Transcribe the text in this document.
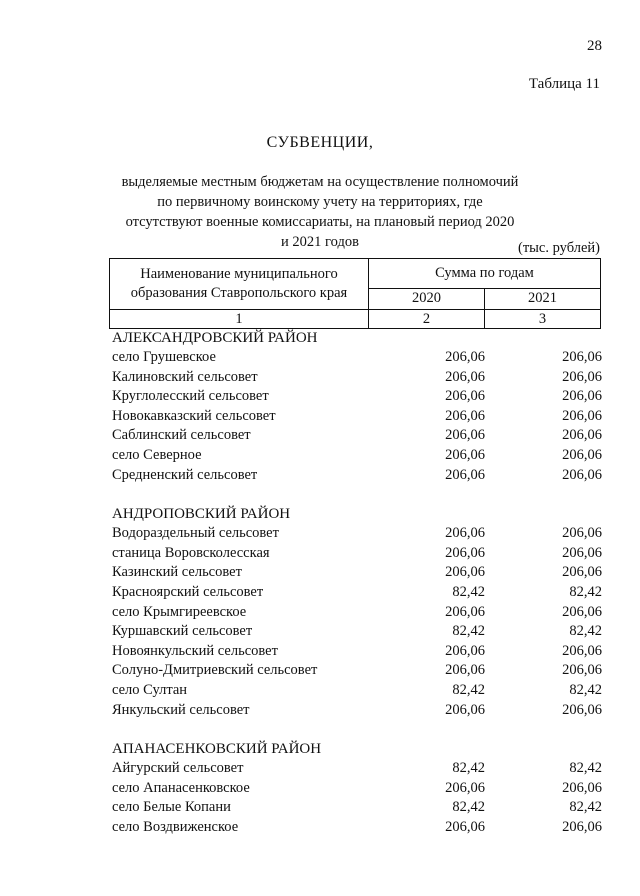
28
Таблица 11
СУБВЕНЦИИ,
выделяемые местным бюджетам на осуществление полномочий по первичному воинскому учету на территориях, где отсутствуют военные комиссариаты, на плановый период 2020 и 2021 годов	(тыс. рублей)
Наименование муниципального образования Ставропольского края	Сумма по годам	
	2020	2021
1	2	3
АЛЕКСАНДРОВСКИЙ РАЙОН
село Грушевское	206,06	206,06
Калиновский сельсовет	206,06	206,06
Круглолесский сельсовет	206,06	206,06
Новокавказский сельсовет	206,06	206,06
Саблинский сельсовет	206,06	206,06
село Северное	206,06	206,06
Средненский сельсовет	206,06	206,06
АНДРОПОВСКИЙ РАЙОН
Водораздельный сельсовет	206,06	206,06
станица Воровсколесская	206,06	206,06
Казинский сельсовет	206,06	206,06
Красноярский сельсовет	82,42	82,42
село Крымгиреевское	206,06	206,06
Куршавский сельсовет	82,42	82,42
Новоянкульский сельсовет	206,06	206,06
Солуно-Дмитриевский сельсовет	206,06	206,06
село Султан	82,42	82,42
Янкульский сельсовет	206,06	206,06
АПАНАСЕНКОВСКИЙ РАЙОН
Айгурский сельсовет	82,42	82,42
село Апанасенковское	206,06	206,06
село Белые Копани	82,42	82,42
село Воздвиженское	206,06	206,06
